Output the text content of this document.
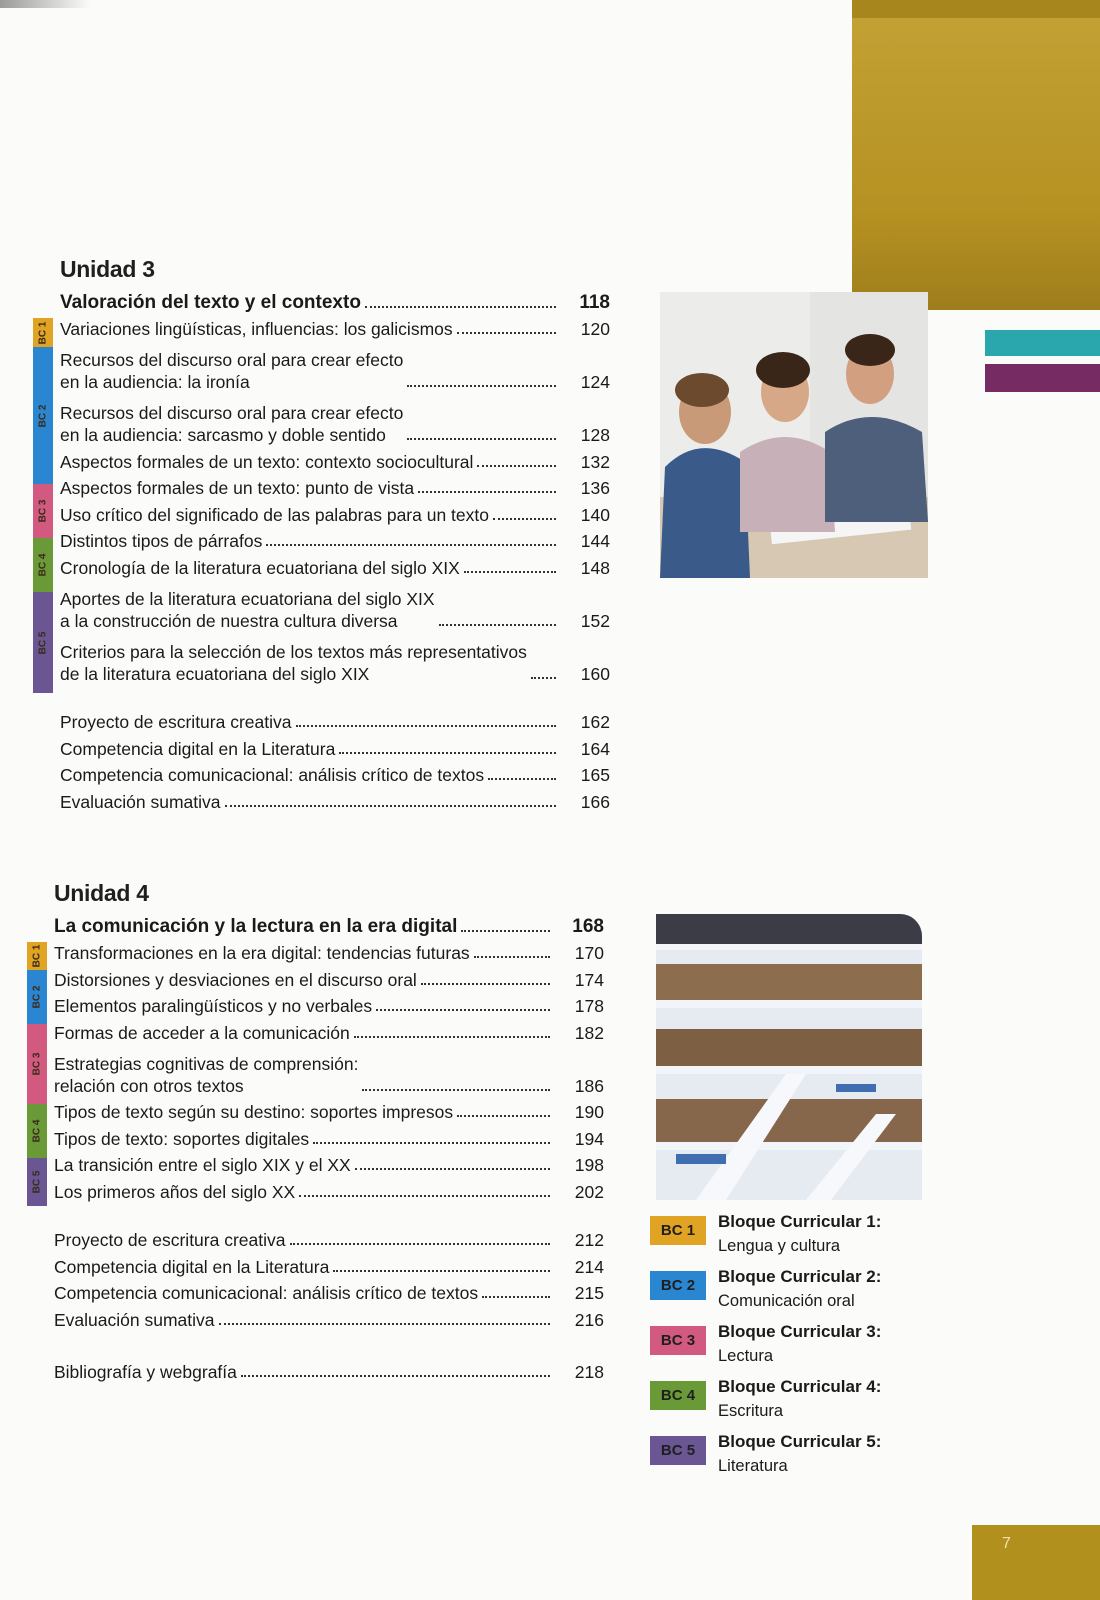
BC 1
BC 2
BC 3
BC 4
BC 5
Unidad 3
Valoración del texto y el contexto	118
Variaciones lingüísticas, influencias: los galicismos	120
Recursos del discurso oral para crear efecto
en la audiencia: la ironía	124
Recursos del discurso oral para crear efecto
en la audiencia: sarcasmo y doble sentido	128
Aspectos formales de un texto: contexto sociocultural	132
Aspectos formales de un texto: punto de vista	136
Uso crítico del significado de las palabras para un texto	140
Distintos tipos de párrafos	144
Cronología de la literatura ecuatoriana del siglo XIX	148
Aportes de la literatura ecuatoriana del siglo XIX
a la construcción de nuestra cultura diversa	152
Criterios para la selección de los textos más representativos
de la literatura ecuatoriana del siglo XIX	160
Proyecto de escritura creativa	162
Competencia digital en la Literatura	164
Competencia comunicacional: análisis crítico de textos	165
Evaluación sumativa	166
BC 1
BC 2
BC 3
BC 4
BC 5
Unidad 4
La comunicación y la lectura en la era digital	168
Transformaciones en la era digital: tendencias futuras	170
Distorsiones y desviaciones en el discurso oral	174
Elementos paralingüísticos y no verbales	178
Formas de acceder a la comunicación	182
Estrategias cognitivas de comprensión:
relación con otros textos	186
Tipos de texto según su destino: soportes impresos	190
Tipos de texto: soportes digitales	194
La transición entre el siglo XIX y el XX	198
Los primeros años del siglo XX	202
Proyecto de escritura creativa	212
Competencia digital en la Literatura	214
Competencia comunicacional: análisis crítico de textos	215
Evaluación sumativa	216
Bibliografía y webgrafía	218
BC 1	Bloque Curricular 1:
Lengua y cultura
BC 2	Bloque Curricular 2:
Comunicación oral
BC 3	Bloque Curricular 3:
Lectura
BC 4	Bloque Curricular 4:
Escritura
BC 5	Bloque Curricular 5:
Literatura
7
